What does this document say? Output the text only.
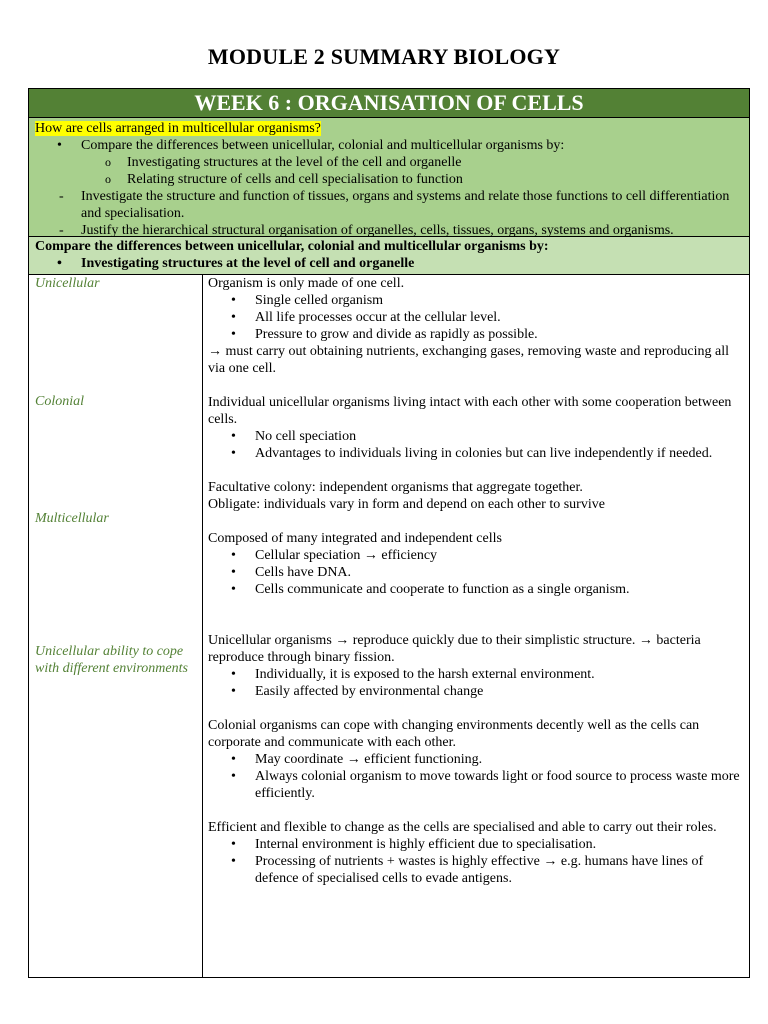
MODULE 2 SUMMARY BIOLOGY
WEEK 6 : ORGANISATION OF CELLS
How are cells arranged in multicellular organisms?
• Compare the differences between unicellular, colonial and multicellular organisms by:
o Investigating structures at the level of the cell and organelle
o Relating structure of cells and cell specialisation to function
- Investigate the structure and function of tissues, organs and systems and relate those functions to cell differentiation and specialisation.
- Justify the hierarchical structural organisation of organelles, cells, tissues, organs, systems and organisms.
Compare the differences between unicellular, colonial and multicellular organisms by:
• Investigating structures at the level of cell and organelle
Unicellular
Colonial
Multicellular
Unicellular ability to cope with different environments

Organism is only made of one cell.

• Single celled organism
• All life processes occur at the cellular level.
• Pressure to grow and divide as rapidly as possible.

→ must carry out obtaining nutrients, exchanging gases, removing waste and reproducing all via one cell.

Individual unicellular organisms living intact with each other with some cooperation between cells.

• No cell speciation
• Advantages to individuals living in colonies but can live independently if needed.

Facultative colony: independent organisms that aggregate together.

Obligate: individuals vary in form and depend on each other to survive

Composed of many integrated and independent cells

• Cellular speciation → efficiency
• Cells have DNA.
• Cells communicate and cooperate to function as a single organism.

Unicellular organisms → reproduce quickly due to their simplistic structure. → bacteria reproduce through binary fission.

• Individually, it is exposed to the harsh external environment.
• Easily affected by environmental change

Colonial organisms can cope with changing environments decently well as the cells can corporate and communicate with each other.

• May coordinate → efficient functioning.
• Always colonial organism to move towards light or food source to process waste more efficiently.

Efficient and flexible to change as the cells are specialised and able to carry out their roles.

• Internal environment is highly efficient due to specialisation.
• Processing of nutrients + wastes is highly effective → e.g. humans have lines of defence of specialised cells to evade antigens.
